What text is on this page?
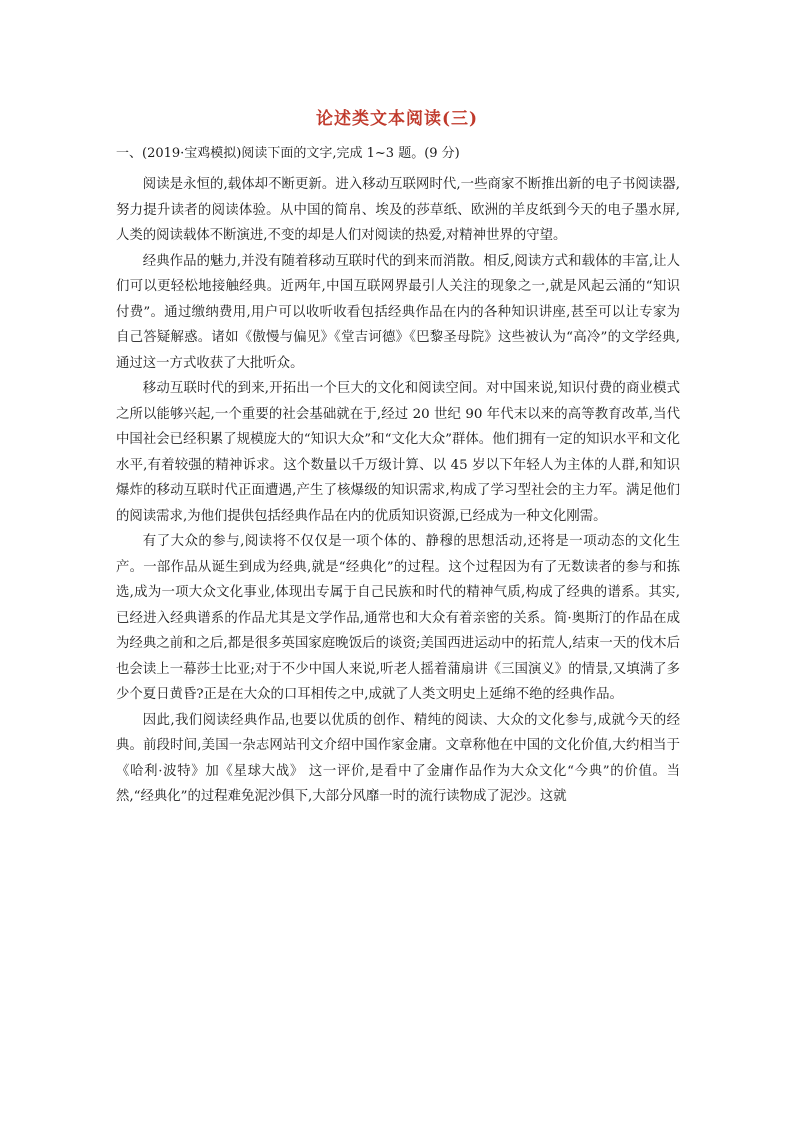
论述类文本阅读(三)
一、(2019·宝鸡模拟)阅读下面的文字,完成 1~3 题。(9 分)

阅读是永恒的,载体却不断更新。进入移动互联网时代,一些商家不断推出新的电子书阅读器,努力提升读者的阅读体验。从中国的简帛、埃及的莎草纸、欧洲的羊皮纸到今天的电子墨水屏,人类的阅读载体不断演进,不变的却是人们对阅读的热爱,对精神世界的守望。

经典作品的魅力,并没有随着移动互联时代的到来而消散。相反,阅读方式和载体的丰富,让人们可以更轻松地接触经典。近两年,中国互联网界最引人关注的现象之一,就是风起云涌的“知识付费”。通过缴纳费用,用户可以收听收看包括经典作品在内的各种知识讲座,甚至可以让专家为自己答疑解惑。诸如《傲慢与偏见》《堂吉诃德》《巴黎圣母院》这些被认为“高冷”的文学经典,通过这一方式收获了大批听众。

移动互联时代的到来,开拓出一个巨大的文化和阅读空间。对中国来说,知识付费的商业模式之所以能够兴起,一个重要的社会基础就在于,经过 20 世纪 90 年代末以来的高等教育改革,当代中国社会已经积累了规模庞大的“知识大众”和“文化大众”群体。他们拥有一定的知识水平和文化水平,有着较强的精神诉求。这个数量以千万级计算、以 45 岁以下年轻人为主体的人群,和知识爆炸的移动互联时代正面遭遇,产生了核爆级的知识需求,构成了学习型社会的主力军。满足他们的阅读需求,为他们提供包括经典作品在内的优质知识资源,已经成为一种文化刚需。

有了大众的参与,阅读将不仅仅是一项个体的、静穆的思想活动,还将是一项动态的文化生产。一部作品从诞生到成为经典,就是“经典化”的过程。这个过程因为有了无数读者的参与和拣选,成为一项大众文化事业,体现出专属于自己民族和时代的精神气质,构成了经典的谱系。其实,已经进入经典谱系的作品尤其是文学作品,通常也和大众有着亲密的关系。简·奥斯汀的作品在成为经典之前和之后,都是很多英国家庭晚饭后的谈资;美国西进运动中的拓荒人,结束一天的伐木后也会读上一幕莎士比亚;对于不少中国人来说,听老人摇着蒲扇讲《三国演义》的情景,又填满了多少个夏日黄昏?正是在大众的口耳相传之中,成就了人类文明史上延绵不绝的经典作品。

因此,我们阅读经典作品,也要以优质的创作、精纯的阅读、大众的文化参与,成就今天的经典。前段时间,美国一杂志网站刊文介绍中国作家金庸。文章称他在中国的文化价值,大约相当于《哈利·波特》加《星球大战》 这一评价,是看中了金庸作品作为大众文化“今典”的价值。当然,“经典化”的过程难免泥沙俱下,大部分风靡一时的流行读物成了泥沙。这就
